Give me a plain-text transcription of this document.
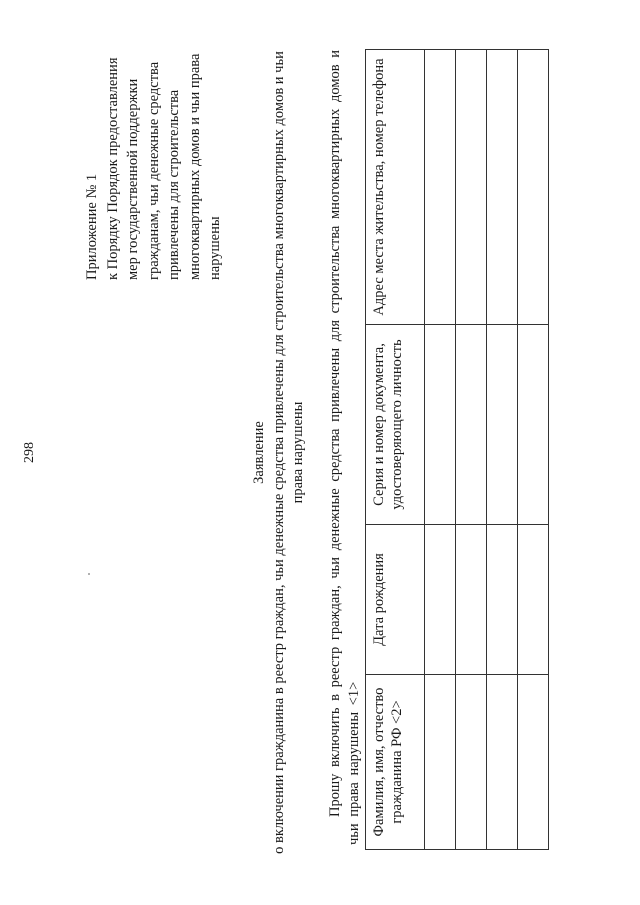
298

Приложение № 1 к Порядку Порядок предоставления мер государственной поддержки гражданам, чьи денежные средства привлечены для строительства многоквартирных домов и чьи права нарушены
Заявление о включении гражданина в реестр граждан, чьи денежные средства привлечены для строительства многоквартирных домов и чьи права нарушены Прошу включить в реестр граждан, чьи денежные средства привлечены для строительства многоквартирных домов и чьи права нарушены <1> Фамилия, имя, отчество гражданина РФ <2>	Дата рождения	Серия и номер документа, удостоверяющего личность	Адрес места жительства, номер телефона
